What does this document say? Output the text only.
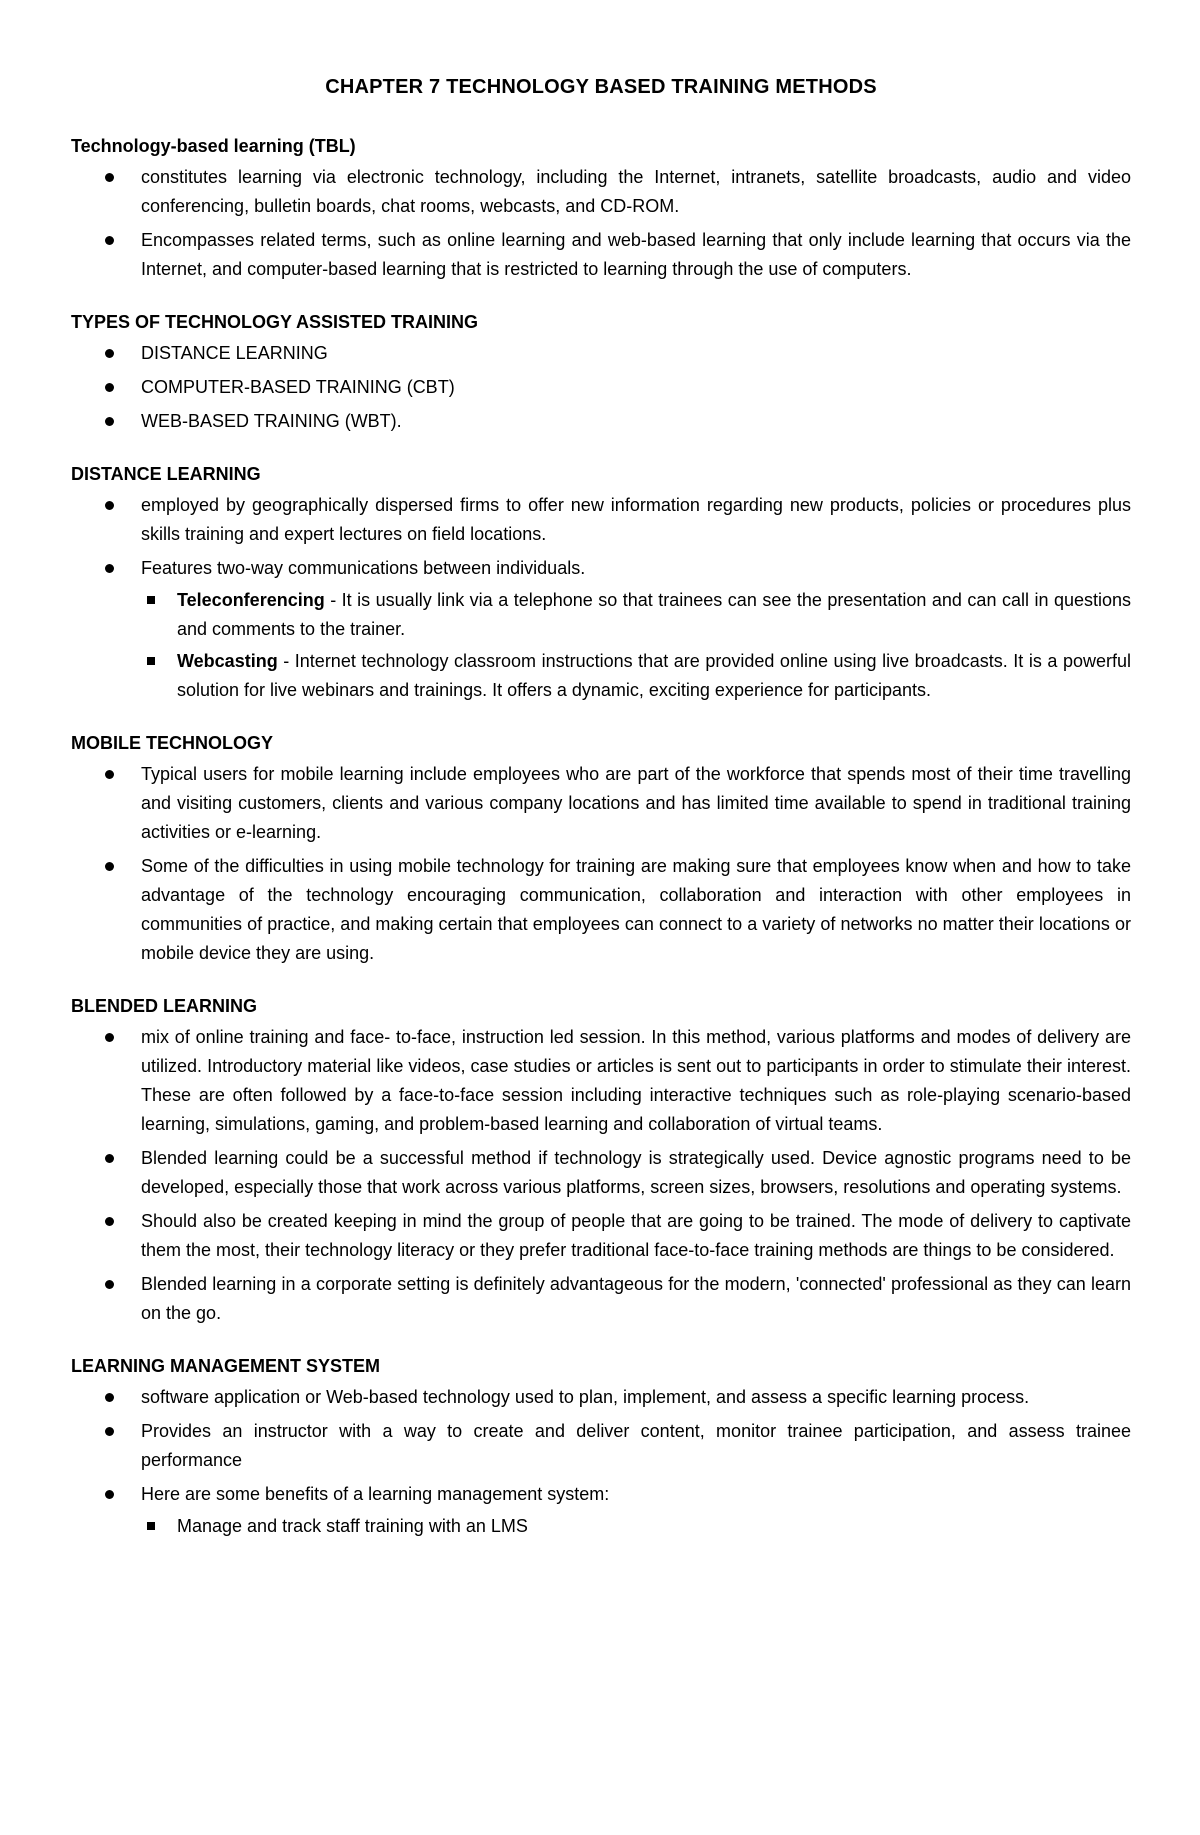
CHAPTER 7 TECHNOLOGY BASED TRAINING METHODS
Technology-based learning (TBL)
constitutes learning via electronic technology, including the Internet, intranets, satellite broadcasts, audio and video conferencing, bulletin boards, chat rooms, webcasts, and CD-ROM.
Encompasses related terms, such as online learning and web-based learning that only include learning that occurs via the Internet, and computer-based learning that is restricted to learning through the use of computers.
TYPES OF TECHNOLOGY ASSISTED TRAINING
DISTANCE LEARNING
COMPUTER-BASED TRAINING (CBT)
WEB-BASED TRAINING (WBT).
DISTANCE LEARNING
employed by geographically dispersed firms to offer new information regarding new products, policies or procedures plus skills training and expert lectures on field locations.
Features two-way communications between individuals.
Teleconferencing - It is usually link via a telephone so that trainees can see the presentation and can call in questions and comments to the trainer.
Webcasting - Internet technology classroom instructions that are provided online using live broadcasts. It is a powerful solution for live webinars and trainings. It offers a dynamic, exciting experience for participants.
MOBILE TECHNOLOGY
Typical users for mobile learning include employees who are part of the workforce that spends most of their time travelling and visiting customers, clients and various company locations and has limited time available to spend in traditional training activities or e-learning.
Some of the difficulties in using mobile technology for training are making sure that employees know when and how to take advantage of the technology encouraging communication, collaboration and interaction with other employees in communities of practice, and making certain that employees can connect to a variety of networks no matter their locations or mobile device they are using.
BLENDED LEARNING
mix of online training and face- to-face, instruction led session. In this method, various platforms and modes of delivery are utilized. Introductory material like videos, case studies or articles is sent out to participants in order to stimulate their interest. These are often followed by a face-to-face session including interactive techniques such as role-playing scenario-based learning, simulations, gaming, and problem-based learning and collaboration of virtual teams.
Blended learning could be a successful method if technology is strategically used. Device agnostic programs need to be developed, especially those that work across various platforms, screen sizes, browsers, resolutions and operating systems.
Should also be created keeping in mind the group of people that are going to be trained. The mode of delivery to captivate them the most, their technology literacy or they prefer traditional face-to-face training methods are things to be considered.
Blended learning in a corporate setting is definitely advantageous for the modern, 'connected' professional as they can learn on the go.
LEARNING MANAGEMENT SYSTEM
software application or Web-based technology used to plan, implement, and assess a specific learning process.
Provides an instructor with a way to create and deliver content, monitor trainee participation, and assess trainee performance
Here are some benefits of a learning management system:
Manage and track staff training with an LMS
